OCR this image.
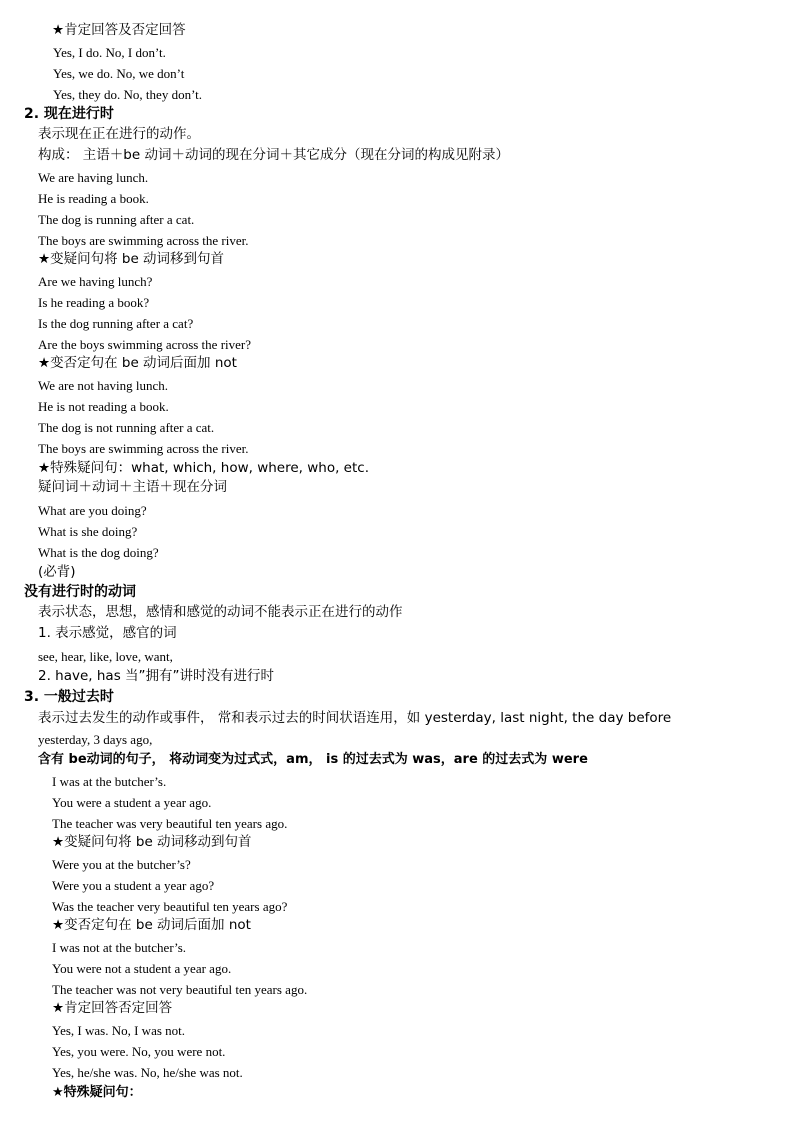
★肯定回答及否定回答
Yes, I do. No, I don’t.
Yes, we do. No, we don’t
Yes, they do. No, they don’t.
2. 现在进行时
表示现在正在进行的动作。
构成： 主语＋be 动词＋动词的现在分词＋其它成分（现在分词的构成见附录）
We are having lunch.
He is reading a book.
The dog is running after a cat.
The boys are swimming across the river.
★变疑问句将 be 动词移到句首
Are we having lunch?
Is he reading a book?
Is the dog running after a cat?
Are the boys swimming across the river?
★变否定句在 be 动词后面加 not
We are not having lunch.
He is not reading a book.
The dog is not running after a cat.
The boys are swimming across the river.
★特殊疑问句：what, which, how, where, who, etc.
疑问词＋动词＋主语＋现在分词
What are you doing?
What is she doing?
What is the dog doing?
(必背)
没有进行时的动词
表示状态，思想，感情和感觉的动词不能表示正在进行的动作
1. 表示感觉，感官的词
see, hear, like, love, want,
2. have, has 当”拥有”讲时没有进行时
3. 一般过去时
表示过去发生的动作或事件， 常和表示过去的时间状语连用，如 yesterday, last night, the day before
yesterday, 3 days ago,
含有 be动词的句子， 将动词变为过式式，am， is 的过去式为 was，are 的过去式为 were
I was at the butcher’s.
You were a student a year ago.
The teacher was very beautiful ten years ago.
★变疑问句将 be 动词移动到句首
Were you at the butcher’s?
Were you a student a year ago?
Was the teacher very beautiful ten years ago?
★变否定句在 be 动词后面加 not
I was not at the butcher’s.
You were not a student a year ago.
The teacher was not very beautiful ten years ago.
★肯定回答否定回答
Yes, I was. No, I was not.
Yes, you were. No, you were not.
Yes, he/she was. No, he/she was not.
★特殊疑问句：
